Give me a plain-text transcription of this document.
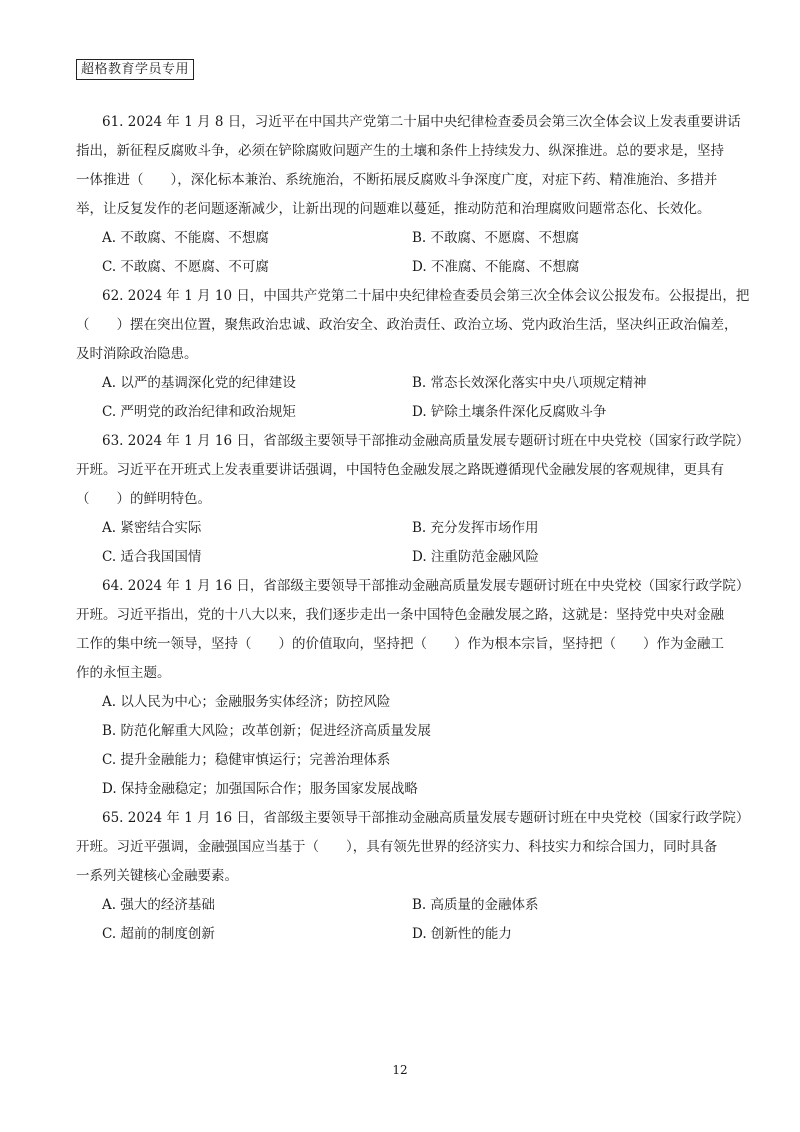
超格教育学员专用
61. 2024 年 1 月 8 日，习近平在中国共产党第二十届中央纪律检查委员会第三次全体会议上发表重要讲话
指出，新征程反腐败斗争，必须在铲除腐败问题产生的土壤和条件上持续发力、纵深推进。总的要求是，坚持
一体推进（　　），深化标本兼治、系统施治，不断拓展反腐败斗争深度广度，对症下药、精准施治、多措并
举，让反复发作的老问题逐渐减少，让新出现的问题难以蔓延，推动防范和治理腐败问题常态化、长效化。
A. 不敢腐、不能腐、不想腐	B. 不敢腐、不愿腐、不想腐
C. 不敢腐、不愿腐、不可腐	D. 不准腐、不能腐、不想腐
62. 2024 年 1 月 10 日，中国共产党第二十届中央纪律检查委员会第三次全体会议公报发布。公报提出，把
（　　）摆在突出位置，聚焦政治忠诚、政治安全、政治责任、政治立场、党内政治生活，坚决纠正政治偏差，
及时消除政治隐患。
A. 以严的基调深化党的纪律建设	B. 常态长效深化落实中央八项规定精神
C. 严明党的政治纪律和政治规矩	D. 铲除土壤条件深化反腐败斗争
63. 2024 年 1 月 16 日，省部级主要领导干部推动金融高质量发展专题研讨班在中央党校（国家行政学院）
开班。习近平在开班式上发表重要讲话强调，中国特色金融发展之路既遵循现代金融发展的客观规律，更具有
（　　）的鲜明特色。
A. 紧密结合实际	B. 充分发挥市场作用
C. 适合我国国情	D. 注重防范金融风险
64. 2024 年 1 月 16 日，省部级主要领导干部推动金融高质量发展专题研讨班在中央党校（国家行政学院）
开班。习近平指出，党的十八大以来，我们逐步走出一条中国特色金融发展之路，这就是：坚持党中央对金融
工作的集中统一领导，坚持（　　）的价值取向，坚持把（　　）作为根本宗旨，坚持把（　　）作为金融工
作的永恒主题。
A. 以人民为中心；金融服务实体经济；防控风险
B. 防范化解重大风险；改革创新；促进经济高质量发展
C. 提升金融能力；稳健审慎运行；完善治理体系
D. 保持金融稳定；加强国际合作；服务国家发展战略
65. 2024 年 1 月 16 日，省部级主要领导干部推动金融高质量发展专题研讨班在中央党校（国家行政学院）
开班。习近平强调，金融强国应当基于（　　），具有领先世界的经济实力、科技实力和综合国力，同时具备
一系列关键核心金融要素。
A. 强大的经济基础	B. 高质量的金融体系
C. 超前的制度创新	D. 创新性的能力
12
